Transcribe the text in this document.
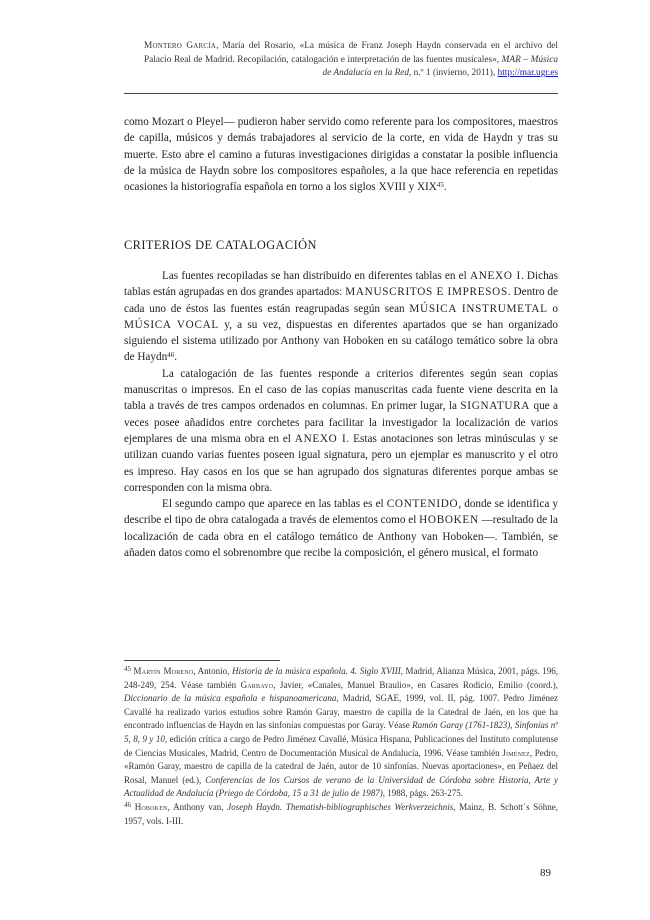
Montero García, María del Rosario, «La música de Franz Joseph Haydn conservada en el archivo del Palacio Real de Madrid. Recopilación, catalogación e interpretación de las fuentes musicales», MAR – Música de Andalucía en la Red, n.º 1 (invierno, 2011), http://mar.ugr.es

como Mozart o Pleyel— pudieron haber servido como referente para los compositores, maestros de capilla, músicos y demás trabajadores al servicio de la corte, en vida de Haydn y tras su muerte. Esto abre el camino a futuras investigaciones dirigidas a constatar la posible influencia de la música de Haydn sobre los compositores españoles, a la que hace referencia en repetidas ocasiones la historiografía española en torno a los siglos XVIII y XIX$^{45}$.

CRITERIOS DE CATALOGACIÓN

Las fuentes recopiladas se han distribuido en diferentes tablas en el ANEXO I. Dichas tablas están agrupadas en dos grandes apartados: MANUSCRITOS E IMPRESOS. Dentro de cada uno de éstos las fuentes están reagrupadas según sean MÚSICA INSTRUMETAL o MÚSICA VOCAL y, a su vez, dispuestas en diferentes apartados que se han organizado siguiendo el sistema utilizado por Anthony van Hoboken en su catálogo temático sobre la obra de Haydn$^{46}$.

La catalogación de las fuentes responde a criterios diferentes según sean copias manuscritas o impresos. En el caso de las copias manuscritas cada fuente viene descrita en la tabla a través de tres campos ordenados en columnas. En primer lugar, la SIGNATURA que a veces posee añadidos entre corchetes para facilitar la investigador la localización de varios ejemplares de una misma obra en el ANEXO I. Estas anotaciones son letras minúsculas y se utilizan cuando varias fuentes poseen igual signatura, pero un ejemplar es manuscrito y el otro es impreso. Hay casos en los que se han agrupado dos signaturas diferentes porque ambas se corresponden con la misma obra.

El segundo campo que aparece en las tablas es el CONTENIDO, donde se identifica y describe el tipo de obra catalogada a través de elementos como el HOBOKEN —resultado de la localización de cada obra en el catálogo temático de Anthony van Hoboken—. También, se añaden datos como el sobrenombre que recibe la composición, el género musical, el formato

$^{45}$ Martín Moreno, Antonio, Historia de la música española. 4. Siglo XVIII, Madrid, Alianza Música, 2001, págs. 196, 248-249, 254. Véase también Garbayo, Javier, «Canales, Manuel Braulio», en Casares Rodicio, Emilio (coord.), Diccionario de la música española e hispanoamericana, Madrid, SGAE, 1999, vol. II, pág. 1007. Pedro Jiménez Cavallé ha realizado varios estudios sobre Ramón Garay, maestro de capilla de la Catedral de Jaén, en los que ha encontrado influencias de Haydn en las sinfonías compuestas por Garay. Véase Ramón Garay (1761-1823), Sinfonías nº 5, 8, 9 y 10, edición crítica a cargo de Pedro Jiménez Cavallé, Música Hispana, Publicaciones del Instituto complutense de Ciencias Musicales, Madrid, Centro de Documentación Musical de Andalucía, 1996. Véase también Jiménez, Pedro, «Ramón Garay, maestro de capilla de la catedral de Jaén, autor de 10 sinfonías. Nuevas aportaciones», en Peñaez del Rosal, Manuel (ed.), Conferencias de los Cursos de verano de la Universidad de Córdoba sobre Historia, Arte y Actualidad de Andalucía (Priego de Córdoba, 15 a 31 de julio de 1987), 1988, págs. 263-275.

$^{46}$ Hoboken, Anthony van, Joseph Haydn. Thematish-bibliographisches Werkverzeichnis, Mainz, B. Schott´s Söhne, 1957, vols. I-III.

89
